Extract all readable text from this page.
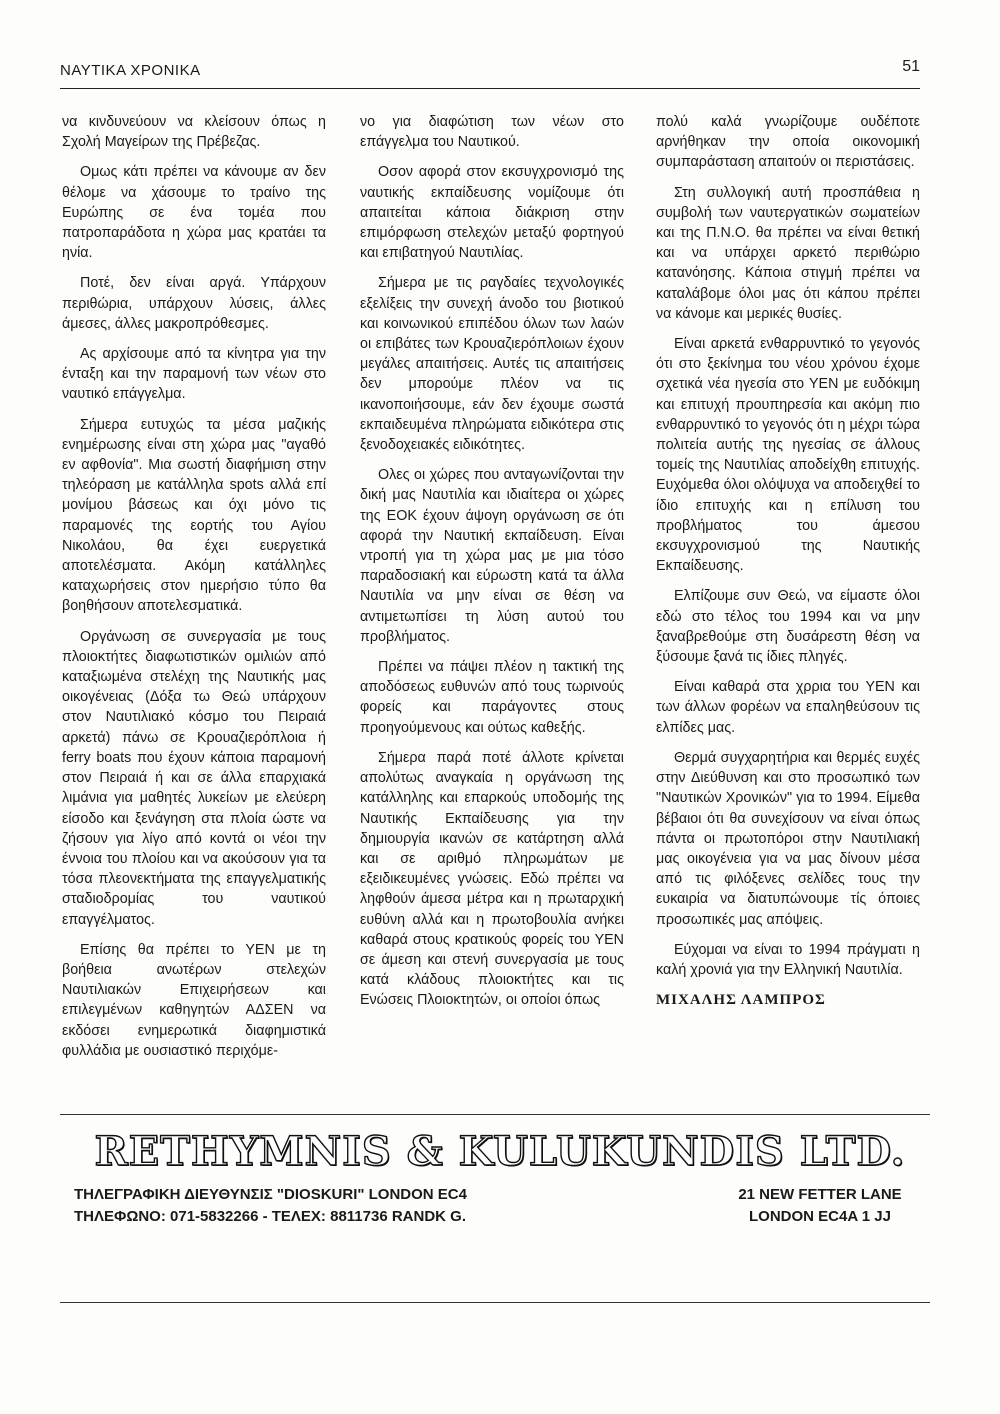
ΝΑΥΤΙΚΑ ΧΡΟΝΙΚΑ	51

να κινδυνεύουν να κλείσουν όπως η Σχολή Μαγείρων της Πρέβεζας.

Ομως κάτι πρέπει να κάνουμε αν δεν θέλομε να χάσουμε το τραίνο της Ευρώπης σε ένα τομέα που πατροπαράδοτα η χώρα μας κρατάει τα ηνία.

Ποτέ, δεν είναι αργά. Υπάρχουν περιθώρια, υπάρχουν λύσεις, άλλες άμεσες, άλλες μακροπρόθεσμες.

Ας αρχίσουμε από τα κίνητρα για την ένταξη και την παραμονή των νέων στο ναυτικό επάγγελμα.

Σήμερα ευτυχώς τα μέσα μαζικής ενημέρωσης είναι στη χώρα μας "αγαθό εν αφθονία". Μια σωστή διαφήμιση στην τηλεόραση με κατάλληλα spots αλλά επί μονίμου βάσεως και όχι μόνο τις παραμονές της εορτής του Αγίου Νικολάου, θα έχει ευεργετικά αποτελέσματα. Ακόμη κατάλληλες καταχωρήσεις στον ημερήσιο τύπο θα βοηθήσουν αποτελεσματικά.

Οργάνωση σε συνεργασία με τους πλοιοκτήτες διαφωτιστικών ομιλιών από καταξιωμένα στελέχη της Ναυτικής μας οικογένειας (Δόξα τω Θεώ υπάρχουν στον Ναυτιλιακό κόσμο του Πειραιά αρκετά) πάνω σε Κρουαζιερόπλοια ή ferry boats που έχουν κάποια παραμονή στον Πειραιά ή και σε άλλα επαρχιακά λιμάνια για μαθητές λυκείων με ελεύερη είσοδο και ξενάγηση στα πλοία ώστε να ζήσουν για λίγο από κοντά οι νέοι την έννοια του πλοίου και να ακούσουν για τα τόσα πλεονεκτήματα της επαγγελματικής σταδιοδρομίας του ναυτικού επαγγέλματος.

Επίσης θα πρέπει το ΥΕΝ με τη βοήθεια ανωτέρων στελεχών Ναυτιλιακών Επιχειρήσεων και επιλεγμένων καθηγητών ΑΔΣΕΝ να εκδόσει ενημερωτικά διαφημιστικά φυλλάδια με ουσιαστικό περιχόμε-

νο για διαφώτιση των νέων στο επάγγελμα του Ναυτικού.

Οσον αφορά στον εκσυγχρονισμό της ναυτικής εκπαίδευσης νομίζουμε ότι απαιτείται κάποια διάκριση στην επιμόρφωση στελεχών μεταξύ φορτηγού και επιβατηγού Ναυτιλίας.

Σήμερα με τις ραγδαίες τεχνολογικές εξελίξεις την συνεχή άνοδο του βιοτικού και κοινωνικού επιπέδου όλων των λαών οι επιβάτες των Κρουαζιερόπλοιων έχουν μεγάλες απαιτήσεις. Αυτές τις απαιτήσεις δεν μπορούμε πλέον να τις ικανοποιήσουμε, εάν δεν έχουμε σωστά εκπαιδευμένα πληρώματα ειδικότερα στις ξενοδοχειακές ειδικότητες.

Ολες οι χώρες που ανταγωνίζονται την δική μας Ναυτιλία και ιδιαίτερα οι χώρες της ΕΟΚ έχουν άψογη οργάνωση σε ότι αφορά την Ναυτική εκπαίδευση. Είναι ντροπή για τη χώρα μας με μια τόσο παραδοσιακή και εύρωστη κατά τα άλλα Ναυτιλία να μην είναι σε θέση να αντιμετωπίσει τη λύση αυτού του προβλήματος.

Πρέπει να πάψει πλέον η τακτική της αποδόσεως ευθυνών από τους τωρινούς φορείς και παράγοντες στους προηγούμενους και ούτως καθεξής.

Σήμερα παρά ποτέ άλλοτε κρίνεται απολύτως αναγκαία η οργάνωση της κατάλληλης και επαρκούς υποδομής της Ναυτικής Εκπαίδευσης για την δημιουργία ικανών σε κατάρτηση αλλά και σε αριθμό πληρωμάτων με εξειδικευμένες γνώσεις. Εδώ πρέπει να ληφθούν άμεσα μέτρα και η πρωταρχική ευθύνη αλλά και η πρωτοβουλία ανήκει καθαρά στους κρατικούς φορείς του ΥΕΝ σε άμεση και στενή συνεργασία με τους κατά κλάδους πλοιοκτήτες και τις Ενώσεις Πλοιοκτητών, οι οποίοι όπως

πολύ καλά γνωρίζουμε ουδέποτε αρνήθηκαν την οποία οικονομική συμπαράσταση απαιτούν οι περιστάσεις.

Στη συλλογική αυτή προσπάθεια η συμβολή των ναυτεργατικών σωματείων και της Π.Ν.Ο. θα πρέπει να είναι θετική και να υπάρχει αρκετό περιθώριο κατανόησης. Κάποια στιγμή πρέπει να καταλάβομε όλοι μας ότι κάπου πρέπει να κάνομε και μερικές θυσίες.

Είναι αρκετά ενθαρρυντικό το γεγονός ότι στο ξεκίνημα του νέου χρόνου έχομε σχετικά νέα ηγεσία στο ΥΕΝ με ευδόκιμη και επιτυχή προυπηρεσία και ακόμη πιο ενθαρρυντικό το γεγονός ότι η μέχρι τώρα πολιτεία αυτής της ηγεσίας σε άλλους τομείς της Ναυτιλίας αποδείχθη επιτυχής. Ευχόμεθα όλοι ολόψυχα να αποδειχθεί το ίδιο επιτυχής και η επίλυση του προβλήματος του άμεσου εκσυγχρονισμού της Ναυτικής Εκπαίδευσης.

Ελπίζουμε συν Θεώ, να είμαστε όλοι εδώ στο τέλος του 1994 και να μην ξαναβρεθούμε στη δυσάρεστη θέση να ξύσουμε ξανά τις ίδιες πληγές.

Είναι καθαρά στα χρρια του ΥΕΝ και των άλλων φορέων να επαληθεύσουν τις ελπίδες μας.

Θερμά συγχαρητήρια και θερμές ευχές στην Διεύθυνση και στο προσωπικό των "Ναυτικών Χρονικών" για το 1994. Είμεθα βέβαιοι ότι θα συνεχίσουν να είναι όπως πάντα οι πρωτοπόροι στην Ναυτιλιακή μας οικογένεια για να μας δίνουν μέσα από τις φιλόξενες σελίδες τους την ευκαιρία να διατυπώνουμε τίς όποιες προσωπικές μας απόψεις.

Εύχομαι να είναι το 1994 πράγματι η καλή χρονιά για την Ελληνική Ναυτιλία.

ΜΙΧΑΛΗΣ ΛΑΜΠΡΟΣ

RETHYMNIS & KULUKUNDIS LTD.
ΤΗΛΕΓΡΑΦΙΚΗ ΔΙΕΥΘΥΝΣΙΣ "DIOSKURI" LONDON EC4
ΤΗΛΕΦΩΝΟ: 071-5832266 - ΤΕΛΕΧ: 8811736 RANDK G.
21 NEW FETTER LANE
LONDON EC4A 1 JJ
